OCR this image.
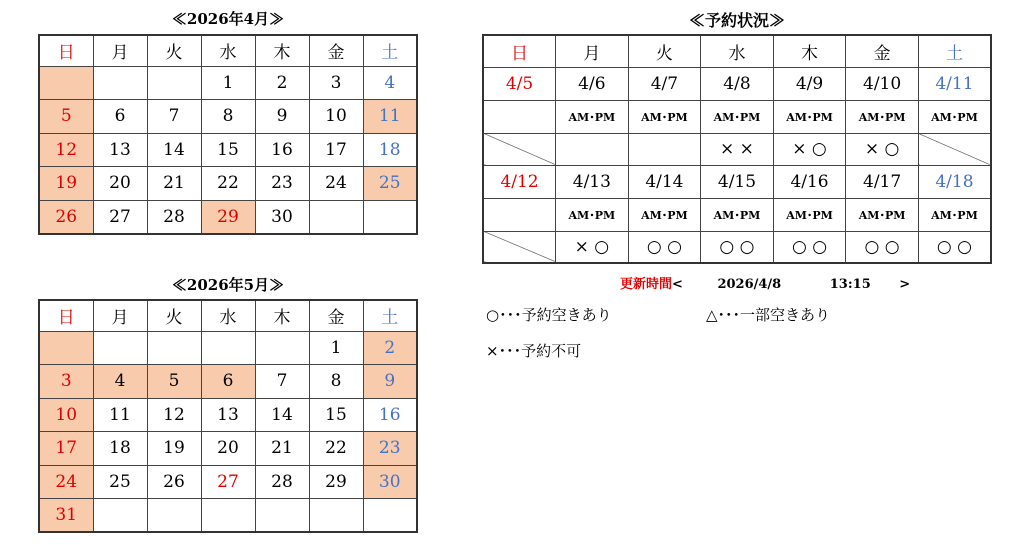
≪2026年4月≫
日	月	火	水	木	金	土
			1	2	3	4
5	6	7	8	9	10	11
12	13	14	15	16	17	18
19	20	21	22	23	24	25
26	27	28	29	30		
≪2026年5月≫
日	月	火	水	木	金	土
					1	2
3	4	5	6	7	8	9
10	11	12	13	14	15	16
17	18	19	20	21	22	23
24	25	26	27	28	29	30
31						
≪予約状況≫
日	月	火	水	木	金	土
4/5	4/6	4/7	4/8	4/9	4/10	4/11
	AM･PM	AM･PM	AM･PM	AM･PM	AM･PM	AM･PM
			× ×	× ○	× ○	
4/12	4/13	4/14	4/15	4/16	4/17	4/18
	AM･PM	AM･PM	AM･PM	AM･PM	AM･PM	AM･PM
	× ○	○ ○	○ ○	○ ○	○ ○	○ ○
更新時間<	2026/4/8	13:15 >
○･･･予約空きあり	△･･･一部空きあり
×･･･予約不可
